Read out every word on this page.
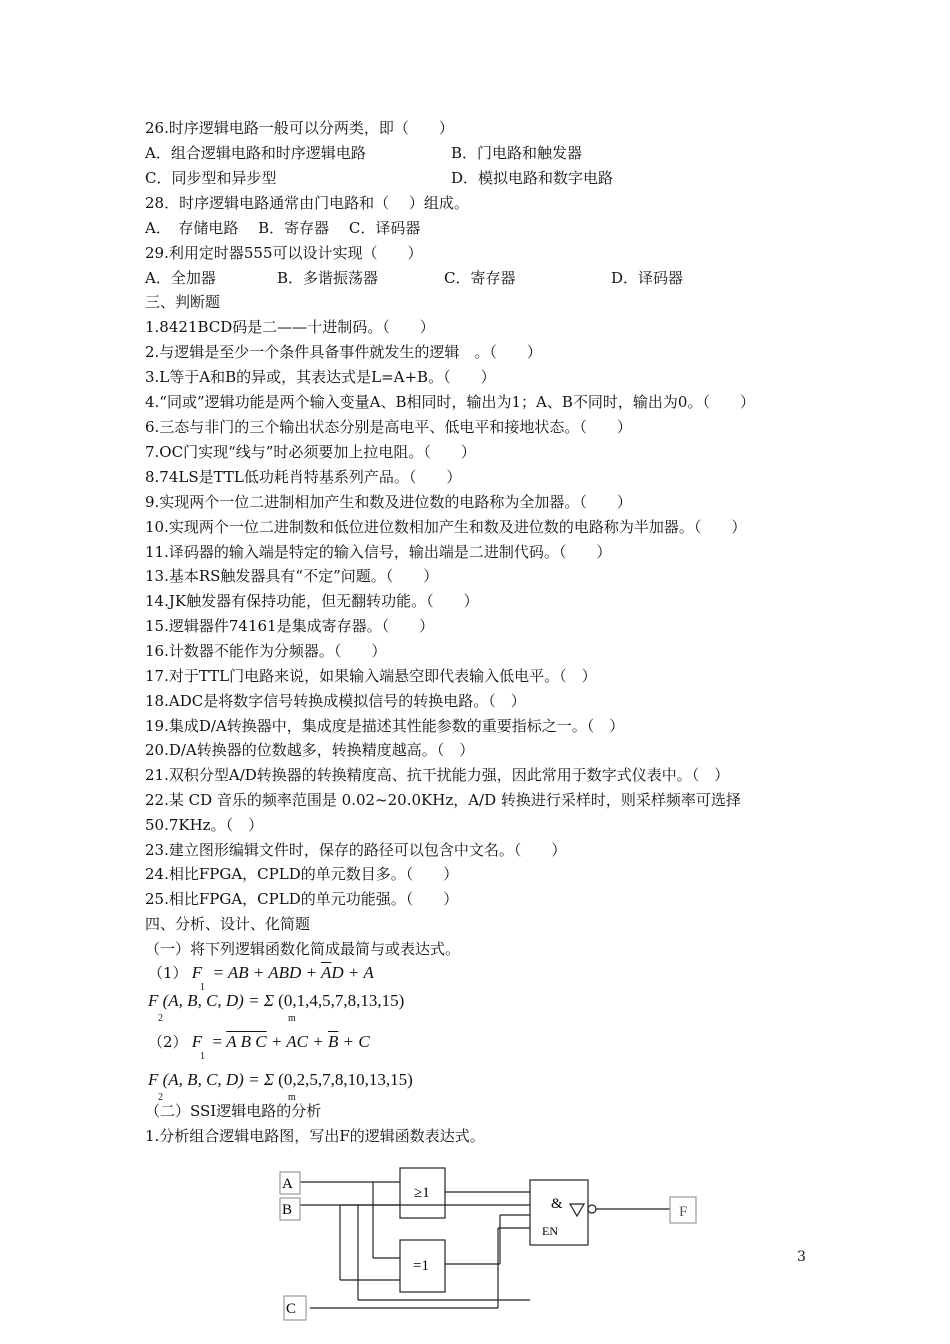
26.时序逻辑电路一般可以分两类，即（　　）

A．组合逻辑电路和时序逻辑电路

	B．门电路和触发器

C．同步型和异步型

	D．模拟电路和数字电路

28．时序逻辑电路通常由门电路和（　 ）组成。
A．　存储电路　 B．寄存器　 C．译码器
29.利用定时器555可以设计实现（　　）

A．全加器

	B．多谐振荡器

	C．寄存器

	D．译码器

三、判断题
1.8421BCD码是二——十进制码。（　　）
2.与逻辑是至少一个条件具备事件就发生的逻辑　。（　　）
3.L等于A和B的异或，其表达式是L=A+B。（　　）
4.“同或”逻辑功能是两个输入变量A、B相同时，输出为1；A、B不同时，输出为0。（　　）
6.三态与非门的三个输出状态分别是高电平、低电平和接地状态。（　　）
7.OC门实现“线与”时必须要加上拉电阻。（　　）
8.74LS是TTL低功耗肖特基系列产品。（　　）
9.实现两个一位二进制相加产生和数及进位数的电路称为全加器。（　　）
10.实现两个一位二进制数和低位进位数相加产生和数及进位数的电路称为半加器。（　　）
11.译码器的输入端是特定的输入信号，输出端是二进制代码。（　　）
13.基本RS触发器具有“不定”问题。（　　）
14.JK触发器有保持功能，但无翻转功能。（　　）
15.逻辑器件74161是集成寄存器。（　　）
16.计数器不能作为分频器。（　　）
17.对于TTL门电路来说，如果输入端悬空即代表输入低电平。（　）
18.ADC是将数字信号转换成模拟信号的转换电路。（　）
19.集成D/A转换器中，集成度是描述其性能参数的重要指标之一。（　）
20.D/A转换器的位数越多，转换精度越高。（　）
21.双积分型A/D转换器的转换精度高、抗干扰能力强，因此常用于数字式仪表中。（　）
22.某 CD 音乐的频率范围是 0.02~20.0KHz，A/D 转换进行采样时，则采样频率可选择
50.7KHz。（　）
23.建立图形编辑文件时，保存的路径可以包含中文名。（　　）
24.相比FPGA，CPLD的单元数目多。（　　）
25.相比FPGA，CPLD的单元功能强。（　　）
四、分析、设计、化简题
（一）将下列逻辑函数化简成最简与或表达式。
（1） F
1
= AB + ABD + $\overline{A}D + A$
F
2
(A, B, C, D) = Σ
m
(0,1,4,5,7,8,13,15)
（2） F
1
= A B C + AC + $\overline{B} + C$
F
2
(A, B, C, D) = Σ
m
(0,2,5,7,8,10,13,15)
（二）SSI逻辑电路的分析
1.分析组合逻辑电路图，写出F的逻辑函数表达式。
A
B
C
≥1
=1
&
EN
F
3
